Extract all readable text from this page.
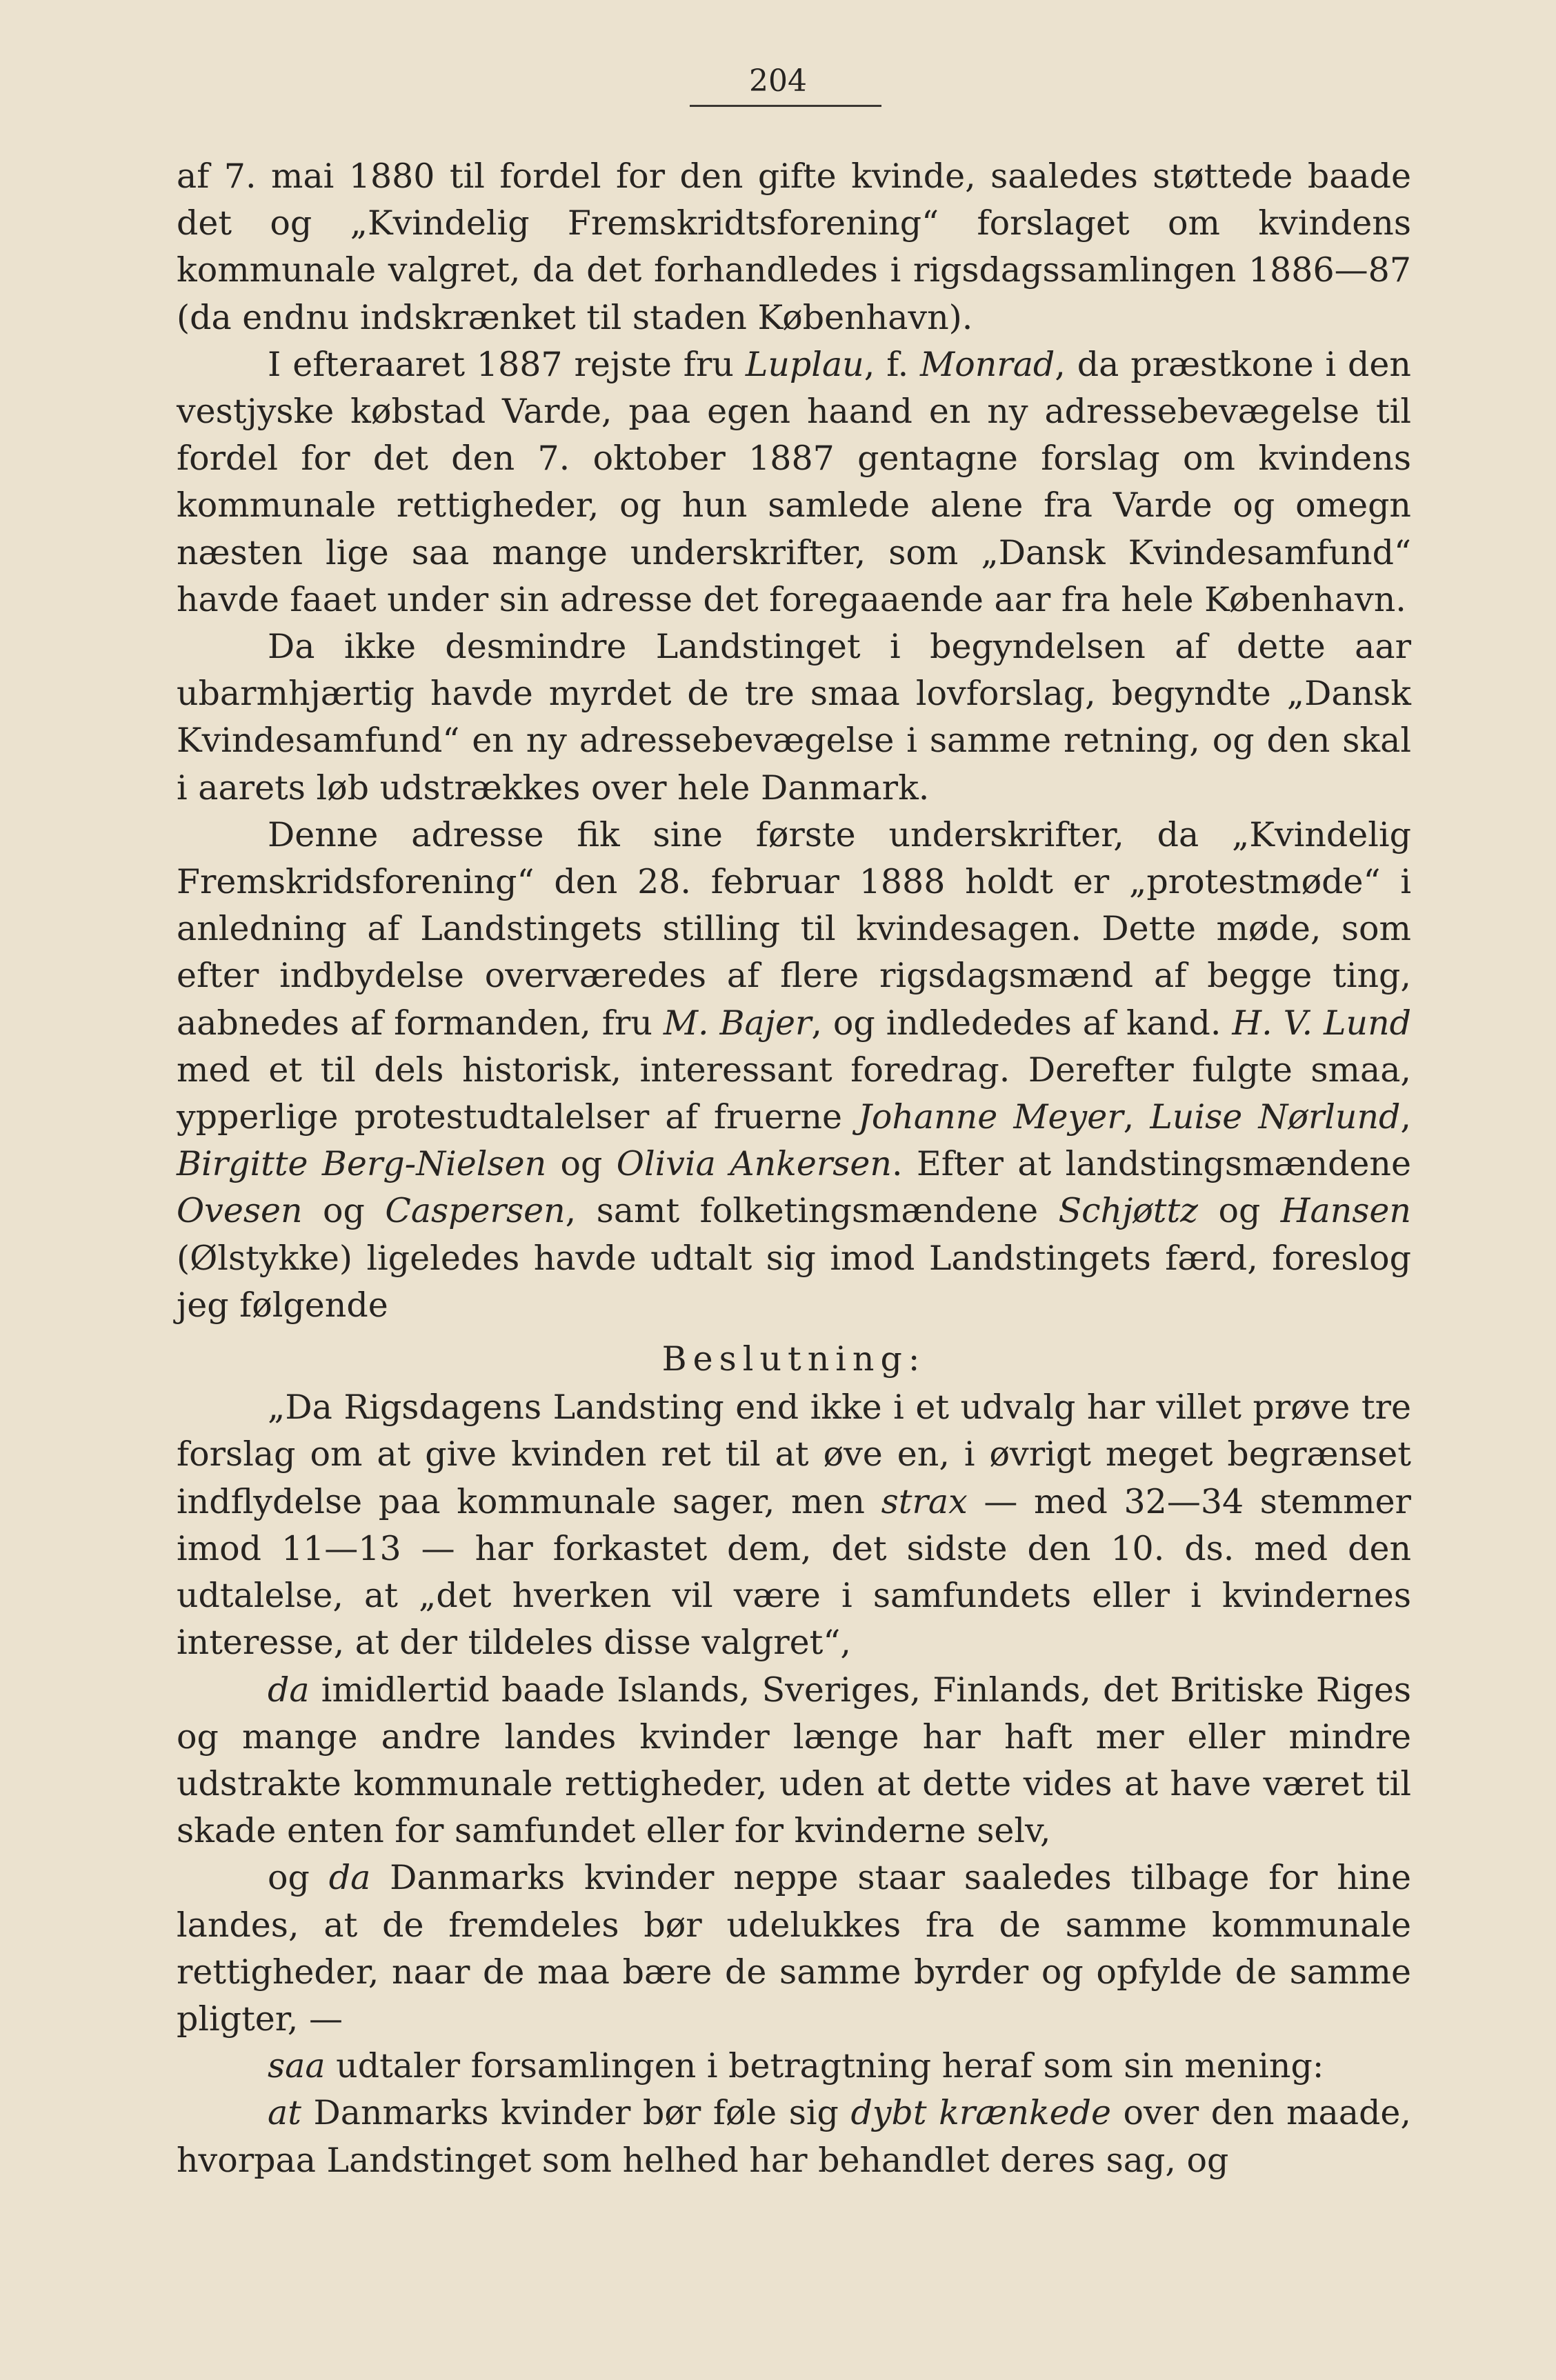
204

af 7. mai 1880 til fordel for den gifte kvinde, saaledes støttede baade det og „Kvindelig Fremskridtsforening“ forslaget om kvindens kommunale valgret, da det forhandledes i rigsdagssamlingen 1886—87 (da endnu indskrænket til staden København).

I efteraaret 1887 rejste fru Luplau, f. Monrad, da præstkone i den vestjyske købstad Varde, paa egen haand en ny adressebevægelse til fordel for det den 7. oktober 1887 gentagne forslag om kvindens kommunale rettigheder, og hun samlede alene fra Varde og omegn næsten lige saa mange underskrifter, som „Dansk Kvindesamfund“ havde faaet under sin adresse det foregaaende aar fra hele København.

Da ikke desmindre Landstinget i begyndelsen af dette aar ubarmhjærtig havde myrdet de tre smaa lovforslag, begyndte „Dansk Kvindesamfund“ en ny adressebevægelse i samme retning, og den skal i aarets løb udstrækkes over hele Danmark.

Denne adresse fik sine første underskrifter, da „Kvindelig Fremskridsforening“ den 28. februar 1888 holdt er „protestmøde“ i anledning af Landstingets stilling til kvindesagen. Dette møde, som efter indbydelse overværedes af flere rigsdagsmænd af begge ting, aabnedes af formanden, fru M. Bajer, og indlededes af kand. H. V. Lund med et til dels historisk, interessant foredrag. Derefter fulgte smaa, ypperlige protestudtalelser af fruerne Johanne Meyer, Luise Nørlund, Birgitte Berg-Nielsen og Olivia Ankersen. Efter at landstingsmændene Ovesen og Caspersen, samt folketingsmændene Schjøttz og Hansen (Ølstykke) ligeledes havde udtalt sig imod Landstingets færd, foreslog jeg følgende

Beslutning:

„Da Rigsdagens Landsting end ikke i et udvalg har villet prøve tre forslag om at give kvinden ret til at øve en, i øvrigt meget begrænset indflydelse paa kommunale sager, men strax — med 32—34 stemmer imod 11—13 — har forkastet dem, det sidste den 10. ds. med den udtalelse, at „det hverken vil være i samfundets eller i kvindernes interesse, at der tildeles disse valgret“,

da imidlertid baade Islands, Sveriges, Finlands, det Britiske Riges og mange andre landes kvinder længe har haft mer eller mindre udstrakte kommunale rettigheder, uden at dette vides at have været til skade enten for samfundet eller for kvinderne selv,

og da Danmarks kvinder neppe staar saaledes tilbage for hine landes, at de fremdeles bør udelukkes fra de samme kommunale rettigheder, naar de maa bære de samme byrder og opfylde de samme pligter, —

saa udtaler forsamlingen i betragtning heraf som sin mening:

at Danmarks kvinder bør føle sig dybt krænkede over den maade, hvorpaa Landstinget som helhed har behandlet deres sag, og
